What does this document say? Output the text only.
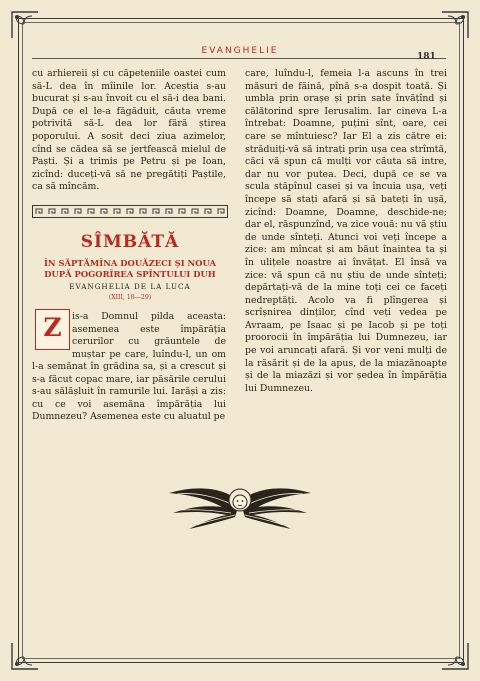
EVANGHELIE
181

cu arhiereii și cu căpeteniile oastei cum să-L dea în mîinile lor. Aceștia s-au bucurat și s-au învoit cu el să-i dea bani. După ce el le-a făgăduit, căuta vreme potrivită să-L dea lor fără știrea poporului. A sosit deci ziua azimelor, cînd se cădea să se jertfească mielul de Paști. Și a trimis pe Petru și pe Ioan, zicînd: duceți-vă să ne pregătiți Paștile, ca să mîncăm.

SÎMBĂTĂ
ÎN SĂPTĂMÎNA DOUĂZECI ȘI NOUA
DUPĂ POGORÎREA SPÎNTULUI DUH
EVANGHELIA DE LA LUCA
(XIII, 18—29)

is-a Domnul pilda aceasta: asemenea este împărăția cerurilor cu grăuntele de muștar pe care, luîndu-l, un om l-a semănat în grădina sa, și a crescut și s-a făcut copac mare, iar păsările cerului s-au sălășluit în ramurile lui. Iarăși a zis: cu ce voi asemăna împărăția lui Dumnezeu? Asemenea este cu aluatul pe

Z

care, luîndu-l, femeia l-a ascuns în trei măsuri de făină, pînă s-a dospit toată. Și umbla prin orașe și prin sate învățînd și călătorind spre Ierusalim. Iar cineva L-a întrebat: Doamne, puțini sînt, oare, cei care se mîntuiesc? Iar El a zis către ei: străduiți-vă să intrați prin ușa cea strîmtă, căci vă spun că mulți vor căuta să intre, dar nu vor putea. Deci, după ce se va scula stăpînul casei și va încuia ușa, veți începe să stați afară și să bateți în ușă, zicînd: Doamne, Doamne, deschide-ne; dar el, răspunzînd, va zice vouă: nu vă știu de unde sînteți. Atunci voi veți începe a zice: am mîncat și am băut înaintea ta și în ulițele noastre ai învățat. El însă va zice: vă spun că nu știu de unde sînteți; depărtați-vă de la mine toți cei ce faceți nedreptăți. Acolo va fi plîngerea și scrîșnirea dinților, cînd veți vedea pe Avraam, pe Isaac și pe Iacob și pe toți proorocii în împărăția lui Dumnezeu, iar pe voi aruncați afară. Și vor veni mulți de la răsărit și de la apus, de la miazănoapte și de la miazăzi și vor ședea în împărăția lui Dumnezeu.
